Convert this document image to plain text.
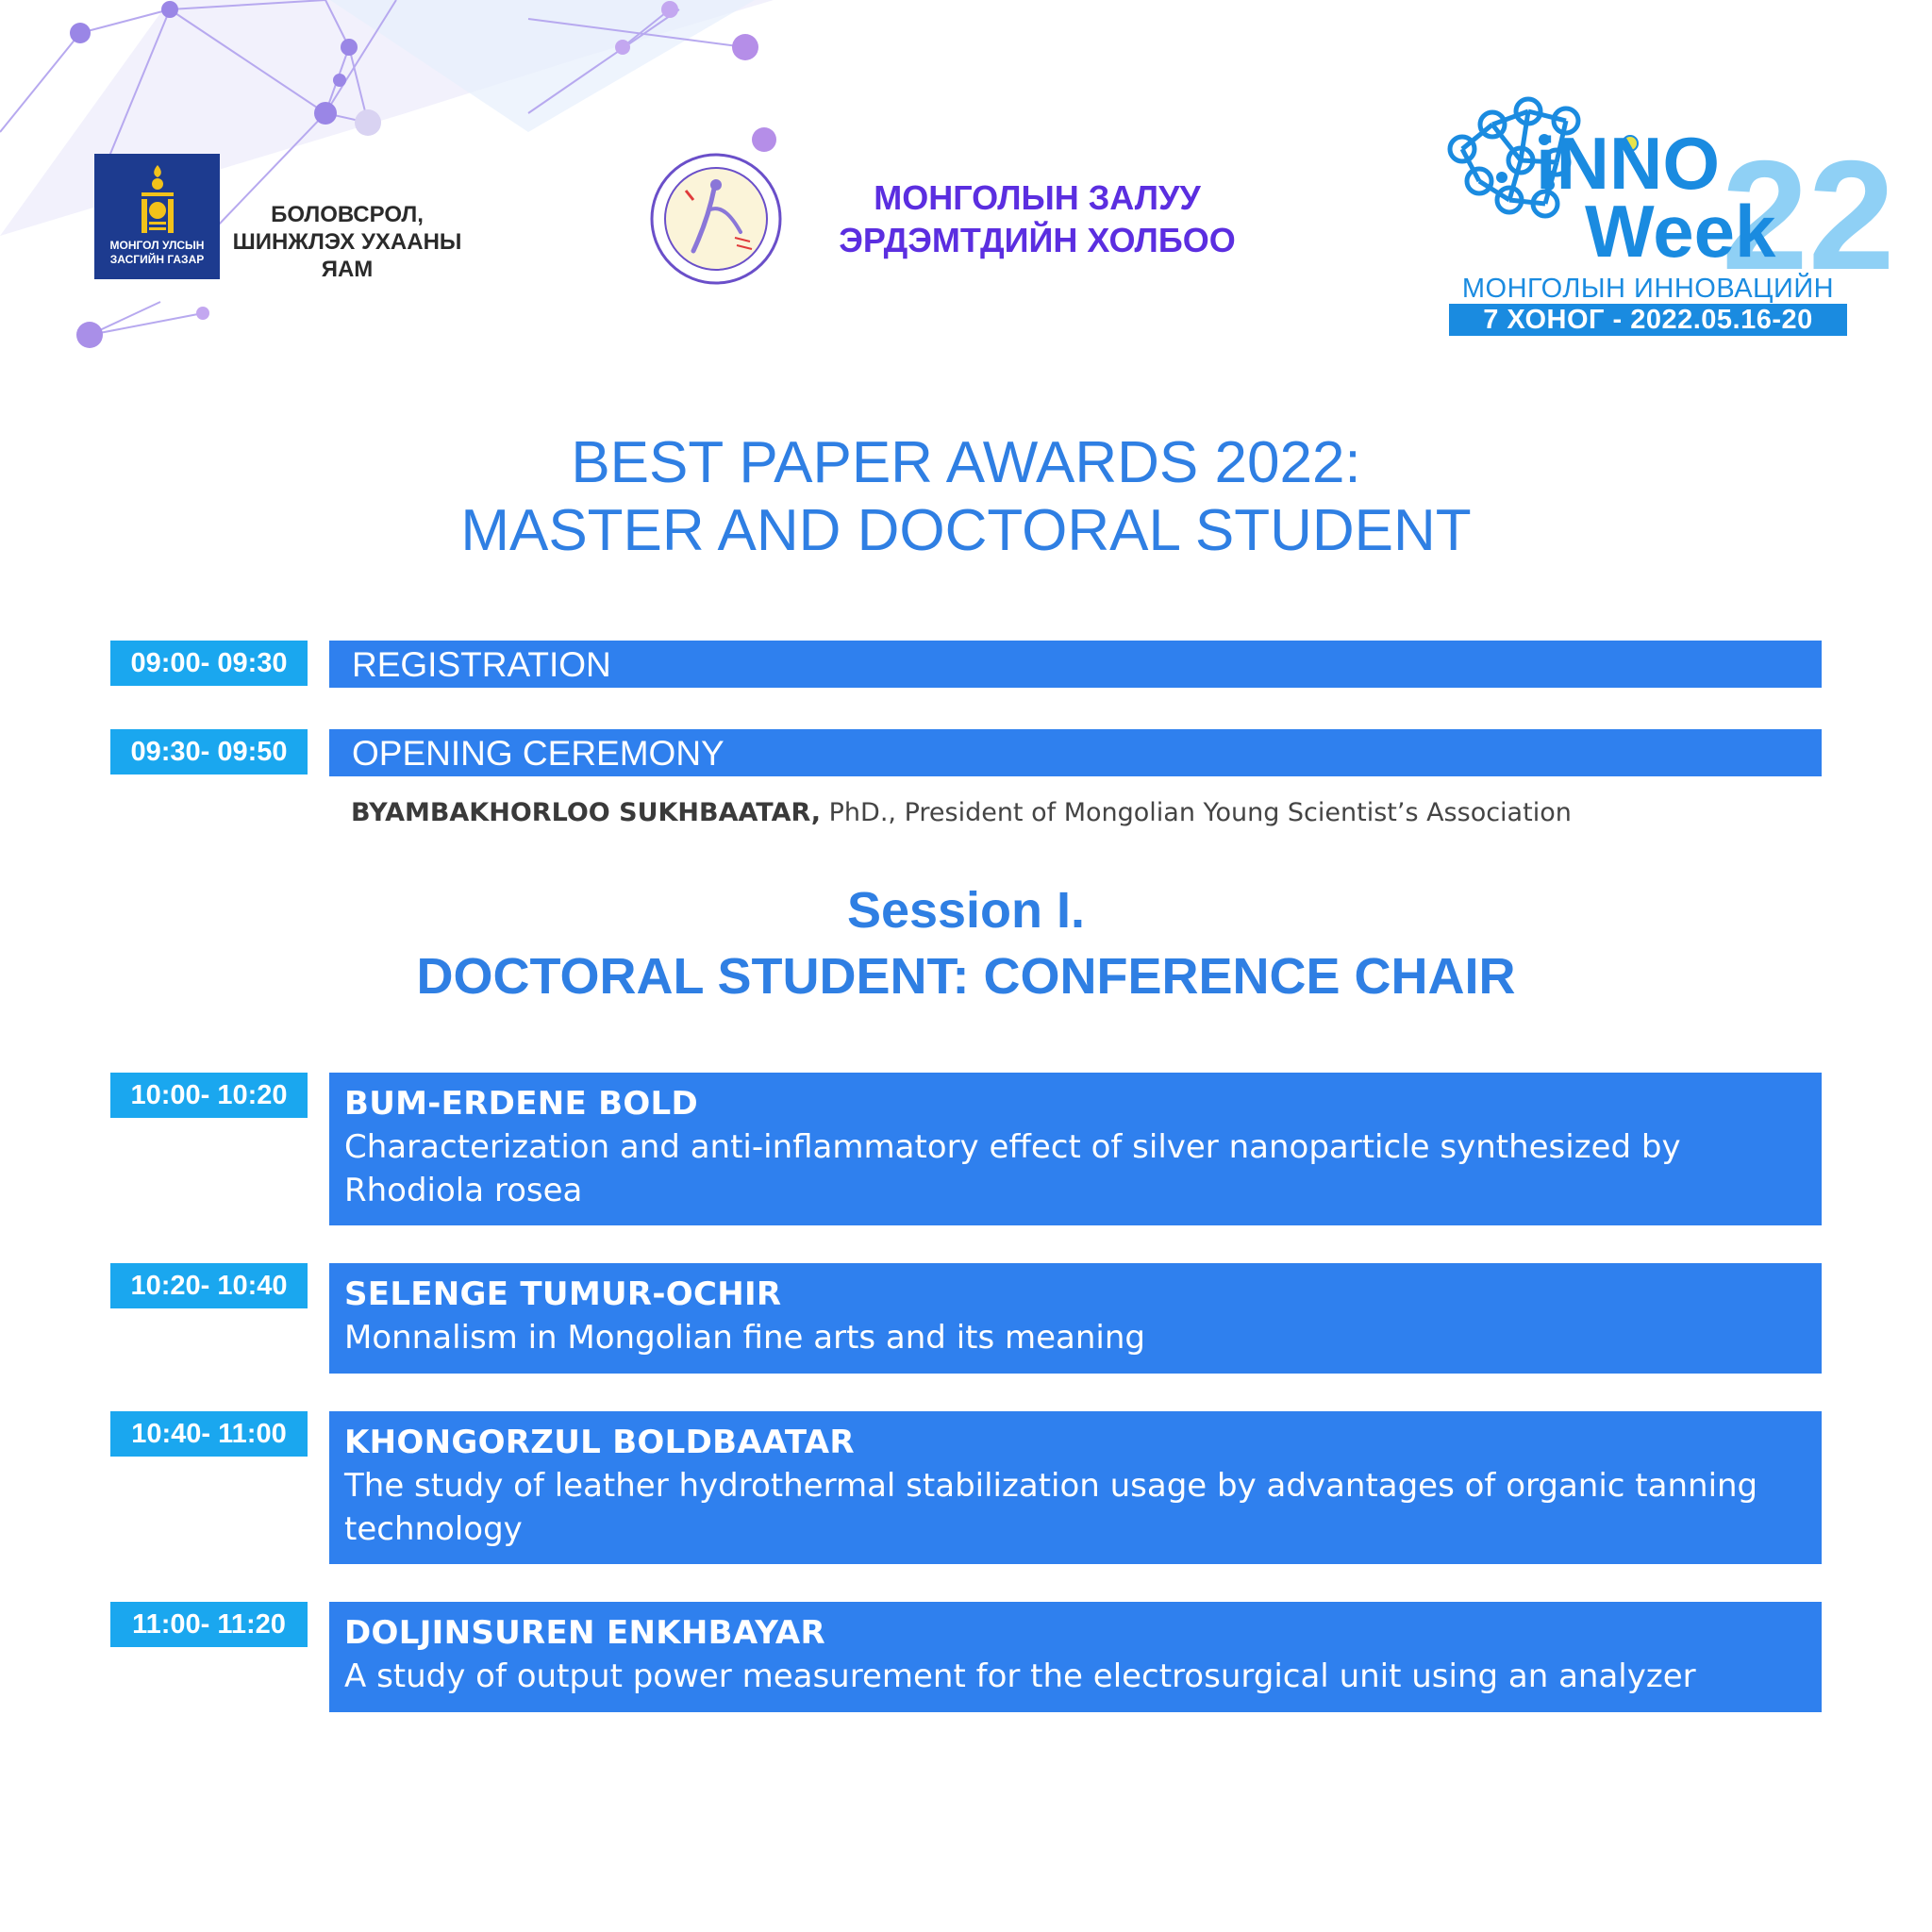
МОНГОЛ УЛСЫН
ЗАСГИЙН ГАЗАР
БОЛОВСРОЛ,
ШИНЖЛЭХ УХААНЫ
ЯАМ
МОНГОЛЫН ЗАЛУУ
ЭРДЭМТДИЙН ХОЛБОО	22
iNNO
Week
МОНГОЛЫН ИННОВАЦИЙН
7 ХОНОГ - 2022.05.16-20
BEST PAPER AWARDS 2022:
MASTER AND DOCTORAL STUDENT
09:00- 09:30	REGISTRATION
09:30- 09:50	OPENING CEREMONY
BYAMBAKHORLOO SUKHBAATAR, PhD., President of Mongolian Young Scientist’s Association
Session I.
DOCTORAL STUDENT: CONFERENCE CHAIR
10:00- 10:20	BUM-ERDENE BOLD
Characterization and anti-inflammatory effect of silver nanoparticle synthesized by Rhodiola rosea
10:20- 10:40	SELENGE TUMUR-OCHIR
Monnalism in Mongolian fine arts and its meaning
10:40- 11:00	KHONGORZUL BOLDBAATAR
The study of leather hydrothermal stabilization usage by advantages of organic tanning technology
11:00- 11:20	DOLJINSUREN ENKHBAYAR
A study of output power measurement for the electrosurgical unit using an analyzer
